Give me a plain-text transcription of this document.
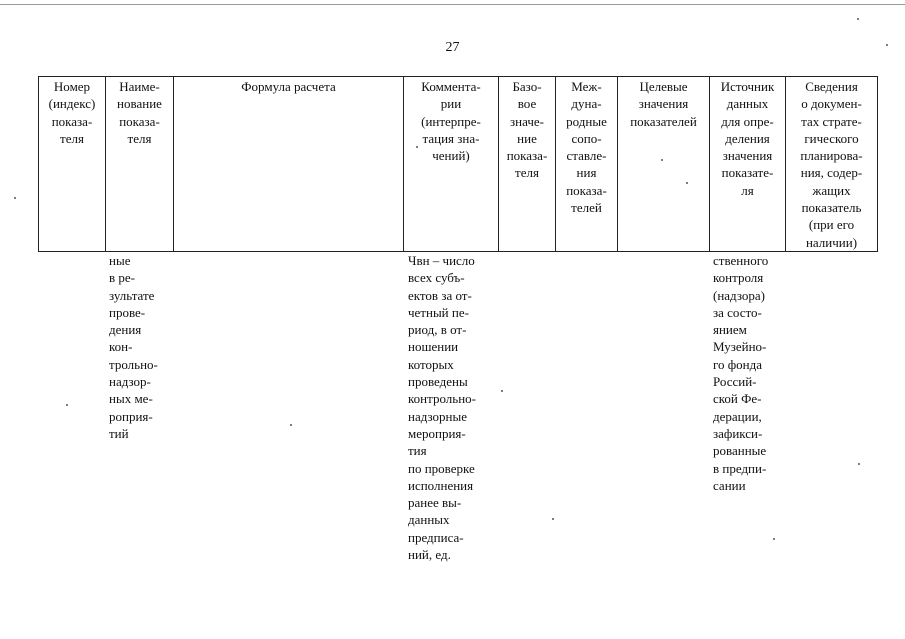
27
Номер
(индекс)
показа-
теля
Наиме-
нование
показа-
теля
Формула расчета	Коммента-
рии
(интерпре-
тация зна-
чений)
Базо-
вое
значе-
ние
показа-
теля
Меж-
дуна-
родные
сопо-
ставле-
ния
показа-
телей
Целевые
значения
показателей
Источник
данных
для опре-
деления
значения
показате-
ля
Сведения
о докумен-
тах страте-
гического
планирова-
ния, содер-
жащих
показатель
(при его
наличии)
ные
в ре-
зультате
прове-
дения
кон-
трольно-
надзор-
ных ме-
роприя-
тий
Чвн – число
всех субъ-
ектов за от-
четный пе-
риод, в от-
ношении
которых
проведены
контрольно-
надзорные
мероприя-
тия
по проверке
исполнения
ранее вы-
данных
предписа-
ний, ед.
ственного
контроля
(надзора)
за состо-
янием
Музейно-
го фонда
Россий-
ской Фе-
дерации,
зафикси-
рованные
в предпи-
сании
